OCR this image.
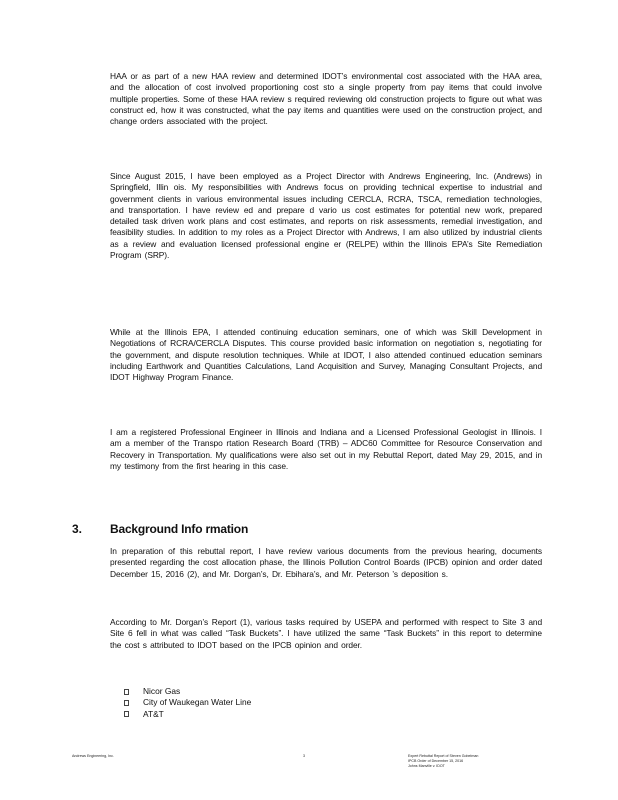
HAA or as part of a new HAA review and determined IDOT’s environmental cost associated with the HAA area, and the allocation of cost involved proportioning cost sto a single property from pay items that could involve multiple properties. Some of these HAA review s required reviewing old construction projects to figure out what was construct ed, how it was constructed, what the pay items and quantities were used on the construction project, and change orders associated with the project.

Since August 2015, I have been employed as a Project Director with Andrews Engineering, Inc. (Andrews) in Springfield, Illin ois. My responsibilities with Andrews focus on providing technical expertise to industrial and government clients in various environmental issues including CERCLA, RCRA, TSCA, remediation technologies, and transportation. I have review ed and prepare d vario us cost estimates for potential new work, prepared detailed task driven work plans and cost estimates, and reports on risk assessments, remedial investigation, and feasibility studies. In addition to my roles as a Project Director with Andrews, I am also utilized by industrial clients as a review and evaluation licensed professional engine er (RELPE) within the Illinois EPA’s Site Remediation Program (SRP).

While at the Illinois EPA, I attended continuing education seminars, one of which was Skill Development in Negotiations of RCRA/CERCLA Disputes. This course provided basic information on negotiation s, negotiating for the government, and dispute resolution techniques. While at IDOT, I also attended continued education seminars including Earthwork and Quantities Calculations, Land Acquisition and Survey, Managing Consultant Projects, and IDOT Highway Program Finance.

I am a registered Professional Engineer in Illinois and Indiana and a Licensed Professional Geologist in Illinois. I am a member of the Transpo rtation Research Board (TRB) – ADC60 Committee for Resource Conservation and Recovery in Transportation. My qualifications were also set out in my Rebuttal Report, dated May 29, 2015, and in my testimony from the first hearing in this case.

3. Background Info rmation

In preparation of this rebuttal report, I have review various documents from the previous hearing, documents presented regarding the cost allocation phase, the Illinois Pollution Control Boards (IPCB) opinion and order dated December 15, 2016 (2), and Mr. Dorgan’s, Dr. Ebihara’s, and Mr. Peterson ’s deposition s.

According to Mr. Dorgan’s Report (1), various tasks required by USEPA and performed with respect to Site 3 and Site 6 fell in what was called “Task Buckets”. I have utilized the same “Task Buckets” in this report to determine the cost s attributed to IDOT based on the IPCB opinion and order.

Nicor Gas
City of Waukegan Water Line
AT&T
Andrews Engineering, Inc.	3	Expert Rebuttal Report of Steven Gobelman
IPCB Order of December 15, 2016
Johns Manville v. IDOT
